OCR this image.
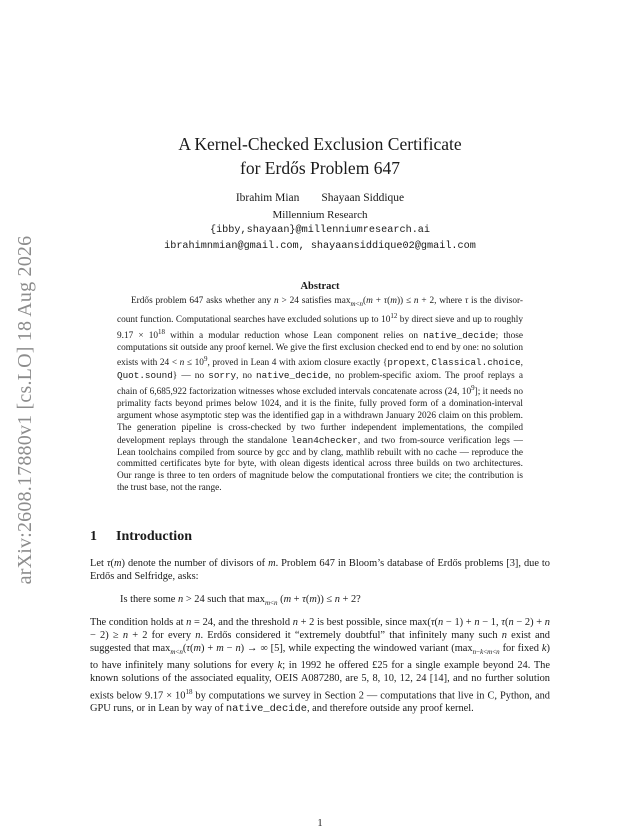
arXiv:2608.17880v1 [cs.LO] 18 Aug 2026
A Kernel-Checked Exclusion Certificate
for Erdős Problem 647
Ibrahim Mian Shayaan Siddique
Millennium Research
{ibby,shayaan}@millenniumresearch.ai
ibrahimnmian@gmail.com, shayaansiddique02@gmail.com
Abstract

Erdős problem 647 asks whether any n > 24 satisfies $\max_{m<n}(m + \tau(m)) \le n + 2$, where τ is the divisor-count function. Computational searches have excluded solutions up to $10^{12}$ by direct sieve and up to roughly $9.17 \times 10^{18}$ within a modular reduction whose Lean component relies on native_decide; those computations sit outside any proof kernel. We give the first exclusion checked end to end by one: no solution exists with $24 < n \le 10^9$, proved in Lean 4 with axiom closure exactly {propext, Classical.choice, Quot.sound} — no sorry, no native_decide, no problem-specific axiom. The proof replays a chain of 6,685,922 factorization witnesses whose excluded intervals concatenate across (24, $10^9$]; it needs no primality facts beyond primes below 1024, and it is the finite, fully proved form of a domination-interval argument whose asymptotic step was the identified gap in a withdrawn January 2026 claim on this problem. The generation pipeline is cross-checked by two further independent implementations, the compiled development replays through the standalone lean4checker, and two from-source verification legs — Lean toolchains compiled from source by gcc and by clang, mathlib rebuilt with no cache — reproduce the committed certificates byte for byte, with olean digests identical across three builds on two architectures. Our range is three to ten orders of magnitude below the computational frontiers we cite; the contribution is the trust base, not the range.

1 Introduction

Let τ(m) denote the number of divisors of m. Problem 647 in Bloom’s database of Erdős problems [3], due to Erdős and Selfridge, asks:

Is there some n > 24 such that $\max_{m<n} (m + \tau(m)) \le n + 2$?

The condition holds at n = 24, and the threshold n + 2 is best possible, since max(τ(n − 1) + n − 1, τ(n − 2) + n − 2) ≥ n + 2 for every n. Erdős considered it “extremely doubtful” that infinitely many such n exist and suggested that $\max_{m<n}(\tau(m) + m - n)$ → ∞ [5], while expecting the windowed variant ($\max_{n-k<m<n}$ for fixed k) to have infinitely many solutions for every k; in 1992 he offered £25 for a single example beyond 24. The known solutions of the associated equality, OEIS A087280, are 5, 8, 10, 12, 24 [14], and no further solution exists below $9.17 \times 10^{18}$ by computations we survey in Section 2 — computations that live in C, Python, and GPU runs, or in Lean by way of native_decide, and therefore outside any proof kernel.

1
